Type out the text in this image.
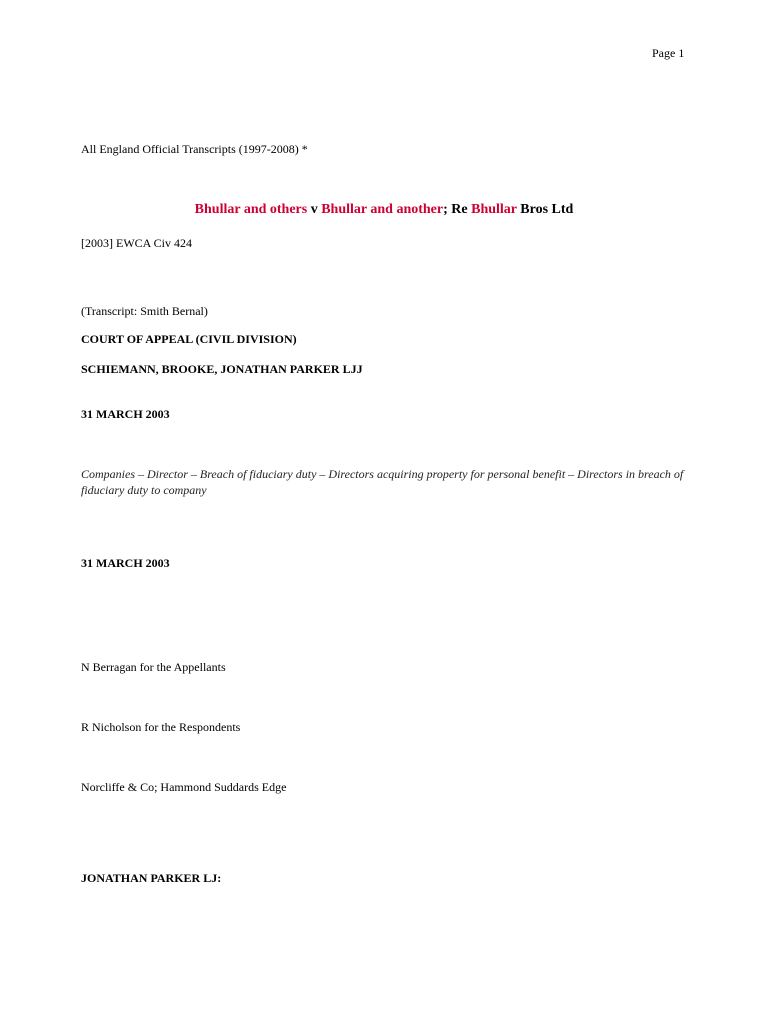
Page 1
All England Official Transcripts (1997-2008) *
Bhullar and others v Bhullar and another; Re Bhullar Bros Ltd
[2003] EWCA Civ 424
(Transcript: Smith Bernal)
COURT OF APPEAL (CIVIL DIVISION)
SCHIEMANN, BROOKE, JONATHAN PARKER LJJ
31 MARCH 2003
Companies – Director – Breach of fiduciary duty – Directors acquiring property for personal benefit – Directors in breach of fiduciary duty to company
31 MARCH 2003
N Berragan for the Appellants
R Nicholson for the Respondents
Norcliffe & Co; Hammond Suddards Edge
JONATHAN PARKER LJ:
